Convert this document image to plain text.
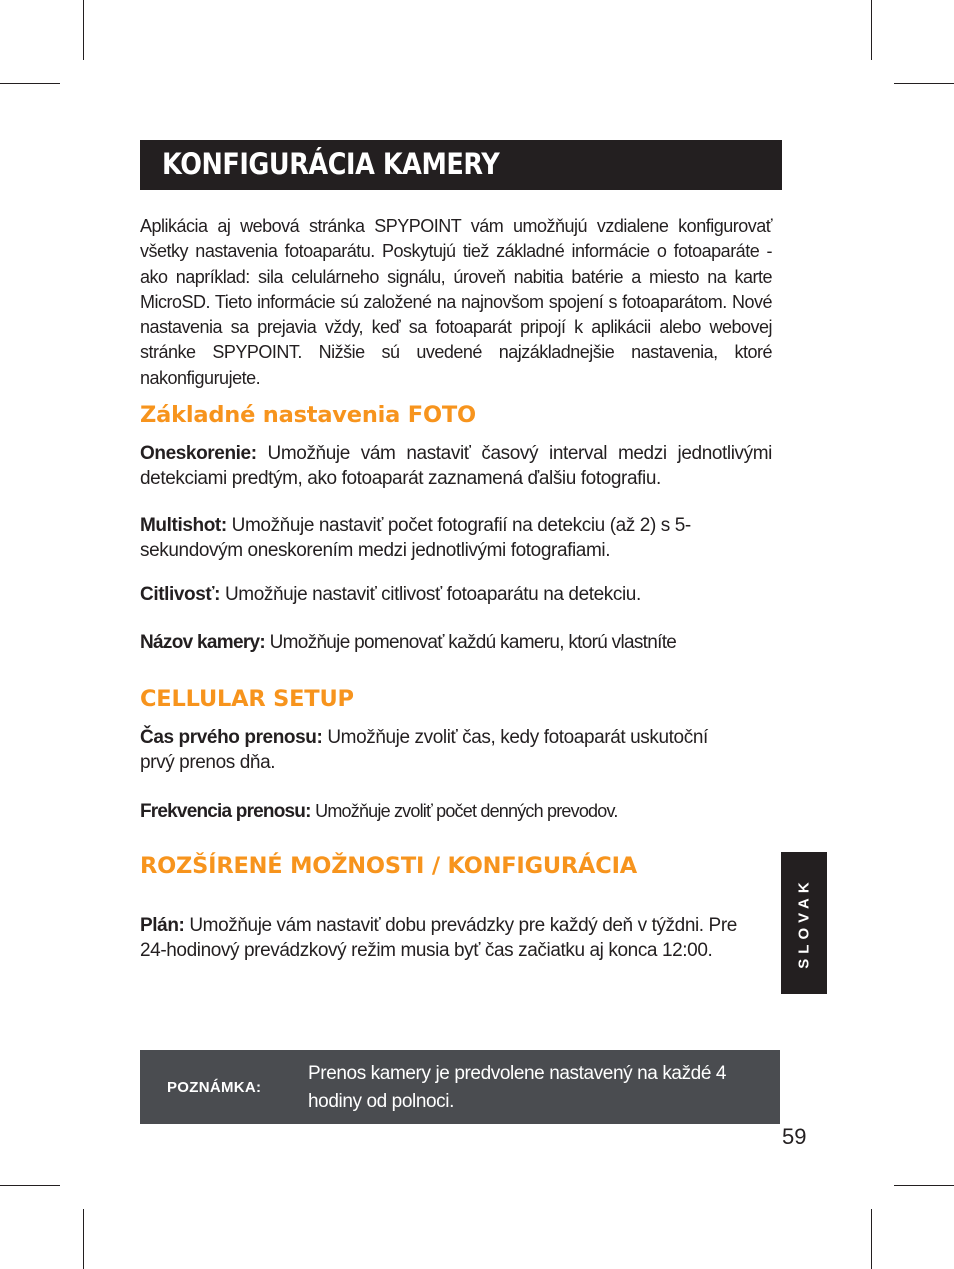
KONFIGURÁCIA KAMERY

Aplikácia aj webová stránka SPYPOINT vám umožňujú vzdialene konfigurovať všetky nastavenia fotoaparátu. Poskytujú tiež základné informácie o fotoaparáte - ako napríklad: sila celulárneho signálu, úroveň nabitia batérie a miesto na karte MicroSD. Tieto informácie sú založené na najnovšom spojení s fotoaparátom. Nové nastavenia sa prejavia vždy, keď sa fotoaparát pripojí k aplikácii alebo webovej stránke SPYPOINT. Nižšie sú uvedené najzákladnejšie nastavenia, ktoré nakonfigurujete.

Základné nastavenia FOTO

Oneskorenie: Umožňuje vám nastaviť časový interval medzi jednotlivými detekciami predtým, ako fotoaparát zaznamená ďalšiu fotografiu.

Multishot: Umožňuje nastaviť počet fotografií na detekciu (až 2) s 5-sekundovým oneskorením medzi jednotlivými fotografiami.

Citlivosť: Umožňuje nastaviť citlivosť fotoaparátu na detekciu.

Názov kamery: Umožňuje pomenovať každú kameru, ktorú vlastníte

CELLULAR SETUP

Čas prvého prenosu: Umožňuje zvoliť čas, kedy fotoaparát uskutoční prvý prenos dňa.

Frekvencia prenosu: Umožňuje zvoliť počet denných prevodov.

ROZŠÍRENÉ MOŽNOSTI / KONFIGURÁCIA

Plán: Umožňuje vám nastaviť dobu prevádzky pre každý deň v týždni. Pre 24-hodinový prevádzkový režim musia byť čas začiatku aj konca 12:00.	SLOVAK
POZNÁMKA:
Prenos kamery je predvolene nastavený na každé 4 hodiny od polnoci.
59
